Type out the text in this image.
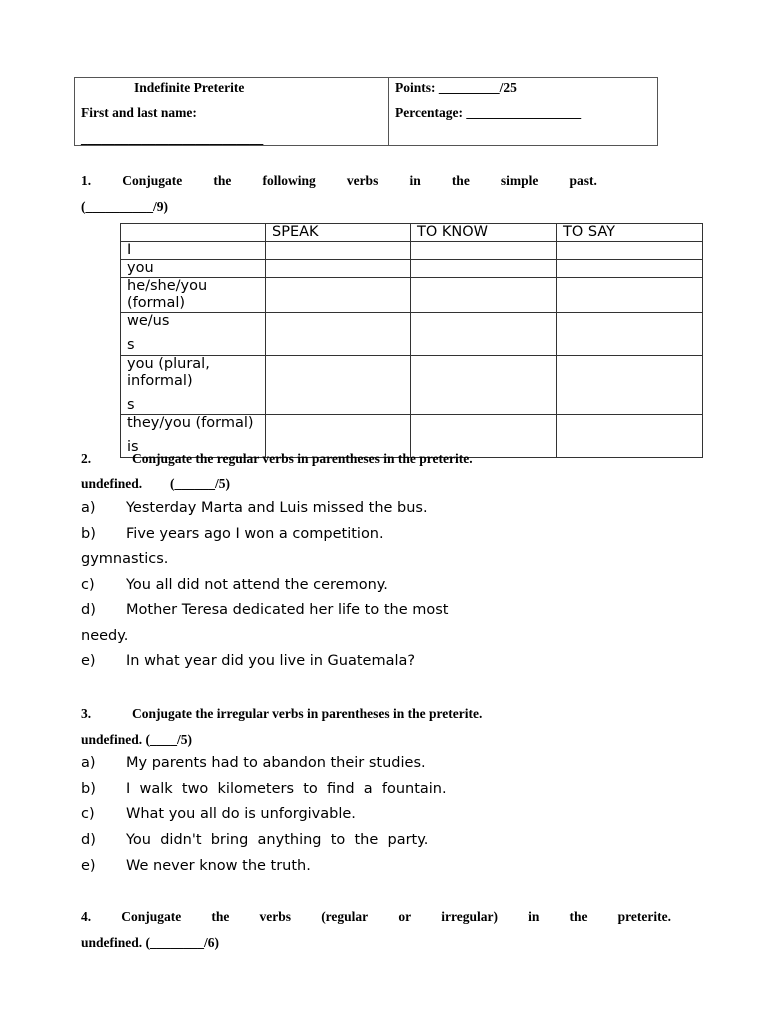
Indefinite Preterite
First and last name:
___________________________
Points: _________/25
Percentage: _________________
1. Conjugate the following verbs in the simple past.
(__________/9)
	SPEAK	TO KNOW	TO SAY
I			
you			
he/she/you (formal)			
we/us
s			

you (plural, informal)
s			

they/you (formal)
is			

2.	Conjugate the regular verbs in parentheses in the preterite.
undefined. (______/5)
a)	Yesterday Marta and Luis missed the bus.
b)	Five years ago I won a competition.
gymnastics.
c)	You all did not attend the ceremony.
d)	Mother Teresa dedicated her life to the most
needy.
e)	In what year did you live in Guatemala?
3.	Conjugate the irregular verbs in parentheses in the preterite.
undefined. (____/5)
a)	My parents had to abandon their studies.
b)	I  walk  two  kilometers  to  find  a  fountain.
c)	What you all do is unforgivable.
d)	You  didn't  bring  anything  to  the  party.
e)	We never know the truth.
4. Conjugate the verbs (regular or irregular) in the preterite.
undefined. (________/6)
